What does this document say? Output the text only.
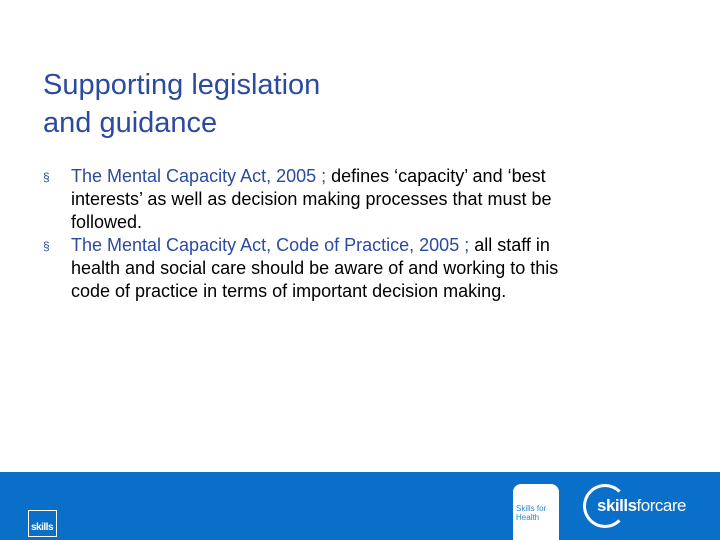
Supporting legislation
and guidance
§ The Mental Capacity Act, 2005 ; defines ‘capacity’ and ‘best interests’ as well as decision making processes that must be followed.
§ The Mental Capacity Act, Code of Practice, 2005 ; all staff in health and social care should be aware of and working to this code of practice in terms of important decision making.
skills
Skills for Health
skillsforcare
